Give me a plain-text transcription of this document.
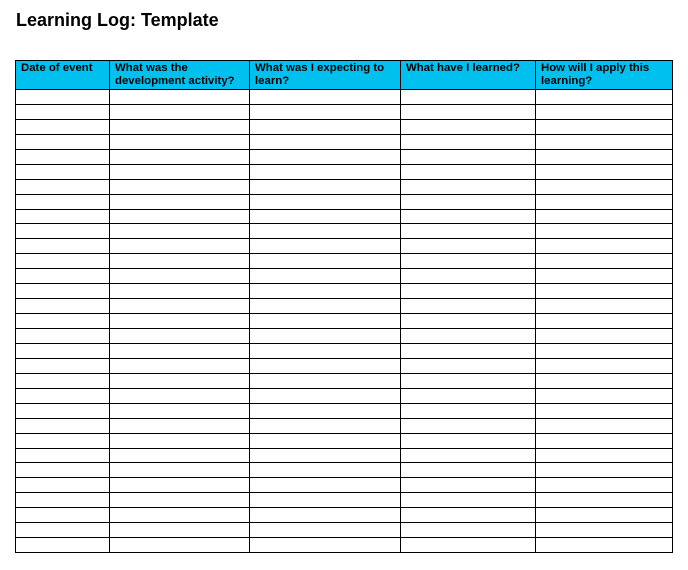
Learning Log: Template
Date of event	What was the development activity?	What was I expecting to learn?	What have I learned?	How will I apply this learning?
